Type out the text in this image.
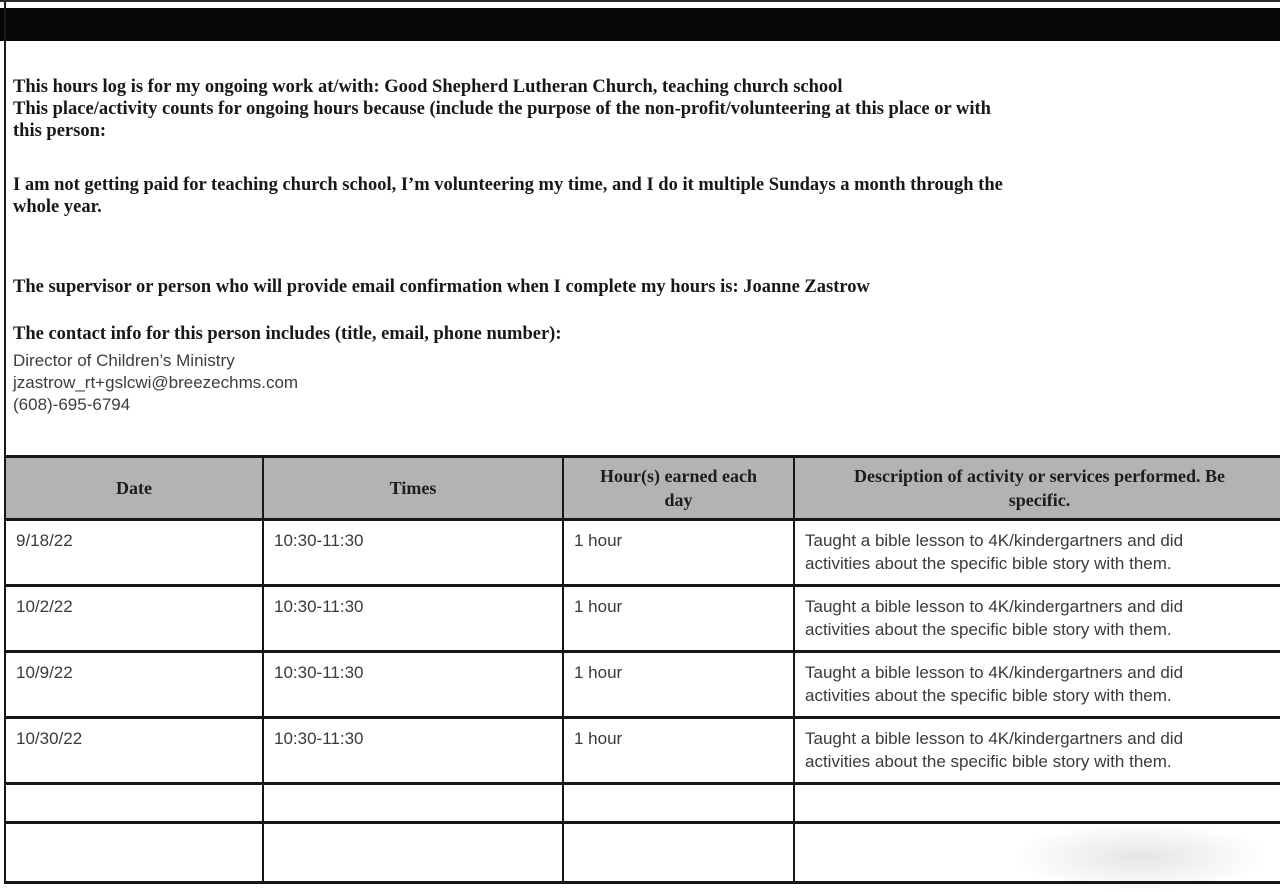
This hours log is for my ongoing work at/with: Good Shepherd Lutheran Church, teaching church school
This place/activity counts for ongoing hours because (include the purpose of the non-profit/volunteering at this place or with
this person:

I am not getting paid for teaching church school, I’m volunteering my time, and I do it multiple Sundays a month through the
whole year.

The supervisor or person who will provide email confirmation when I complete my hours is: Joanne Zastrow

The contact info for this person includes (title, email, phone number):

Director of Children’s Ministry
jzastrow_rt+gslcwi@breezechms.com
(608)-695-6794
Date	Times	Hour(s) earned each
day	Description of activity or services performed. Be
specific.
9/18/22	10:30-11:30	1 hour	Taught a bible lesson to 4K/kindergartners and did
activities about the specific bible story with them.
10/2/22	10:30-11:30	1 hour	Taught a bible lesson to 4K/kindergartners and did
activities about the specific bible story with them.
10/9/22	10:30-11:30	1 hour	Taught a bible lesson to 4K/kindergartners and did
activities about the specific bible story with them.
10/30/22	10:30-11:30	1 hour	Taught a bible lesson to 4K/kindergartners and did
activities about the specific bible story with them.
